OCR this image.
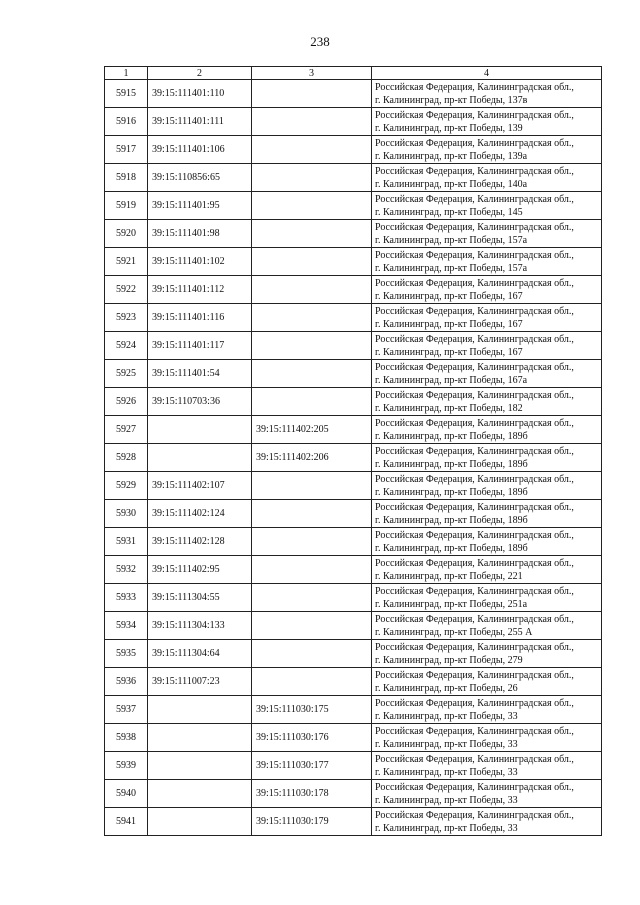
238
1	2	3	4
5915	39:15:111401:110		Российская Федерация, Калининградская обл.,
г. Калининград, пр-кт Победы, 137в

5916	39:15:111401:111		Российская Федерация, Калининградская обл.,
г. Калининград, пр-кт Победы, 139

5917	39:15:111401:106		Российская Федерация, Калининградская обл.,
г. Калининград, пр-кт Победы, 139а

5918	39:15:110856:65		Российская Федерация, Калининградская обл.,
г. Калининград, пр-кт Победы, 140а

5919	39:15:111401:95		Российская Федерация, Калининградская обл.,
г. Калининград, пр-кт Победы, 145

5920	39:15:111401:98		Российская Федерация, Калининградская обл.,
г. Калининград, пр-кт Победы, 157а

5921	39:15:111401:102		Российская Федерация, Калининградская обл.,
г. Калининград, пр-кт Победы, 157а

5922	39:15:111401:112		Российская Федерация, Калининградская обл.,
г. Калининград, пр-кт Победы, 167

5923	39:15:111401:116		Российская Федерация, Калининградская обл.,
г. Калининград, пр-кт Победы, 167

5924	39:15:111401:117		Российская Федерация, Калининградская обл.,
г. Калининград, пр-кт Победы, 167

5925	39:15:111401:54		Российская Федерация, Калининградская обл.,
г. Калининград, пр-кт Победы, 167а

5926	39:15:110703:36		Российская Федерация, Калининградская обл.,
г. Калининград, пр-кт Победы, 182

5927		39:15:111402:205	Российская Федерация, Калининградская обл.,
г. Калининград, пр-кт Победы, 189б

5928		39:15:111402:206	Российская Федерация, Калининградская обл.,
г. Калининград, пр-кт Победы, 189б

5929	39:15:111402:107		Российская Федерация, Калининградская обл.,
г. Калининград, пр-кт Победы, 189б

5930	39:15:111402:124		Российская Федерация, Калининградская обл.,
г. Калининград, пр-кт Победы, 189б

5931	39:15:111402:128		Российская Федерация, Калининградская обл.,
г. Калининград, пр-кт Победы, 189б

5932	39:15:111402:95		Российская Федерация, Калининградская обл.,
г. Калининград, пр-кт Победы, 221

5933	39:15:111304:55		Российская Федерация, Калининградская обл.,
г. Калининград, пр-кт Победы, 251а

5934	39:15:111304:133		Российская Федерация, Калининградская обл.,
г. Калининград, пр-кт Победы, 255 А

5935	39:15:111304:64		Российская Федерация, Калининградская обл.,
г. Калининград, пр-кт Победы, 279

5936	39:15:111007:23		Российская Федерация, Калининградская обл.,
г. Калининград, пр-кт Победы, 26

5937		39:15:111030:175	Российская Федерация, Калининградская обл.,
г. Калининград, пр-кт Победы, 33

5938		39:15:111030:176	Российская Федерация, Калининградская обл.,
г. Калининград, пр-кт Победы, 33

5939		39:15:111030:177	Российская Федерация, Калининградская обл.,
г. Калининград, пр-кт Победы, 33

5940		39:15:111030:178	Российская Федерация, Калининградская обл.,
г. Калининград, пр-кт Победы, 33

5941		39:15:111030:179	Российская Федерация, Калининградская обл.,
г. Калининград, пр-кт Победы, 33
